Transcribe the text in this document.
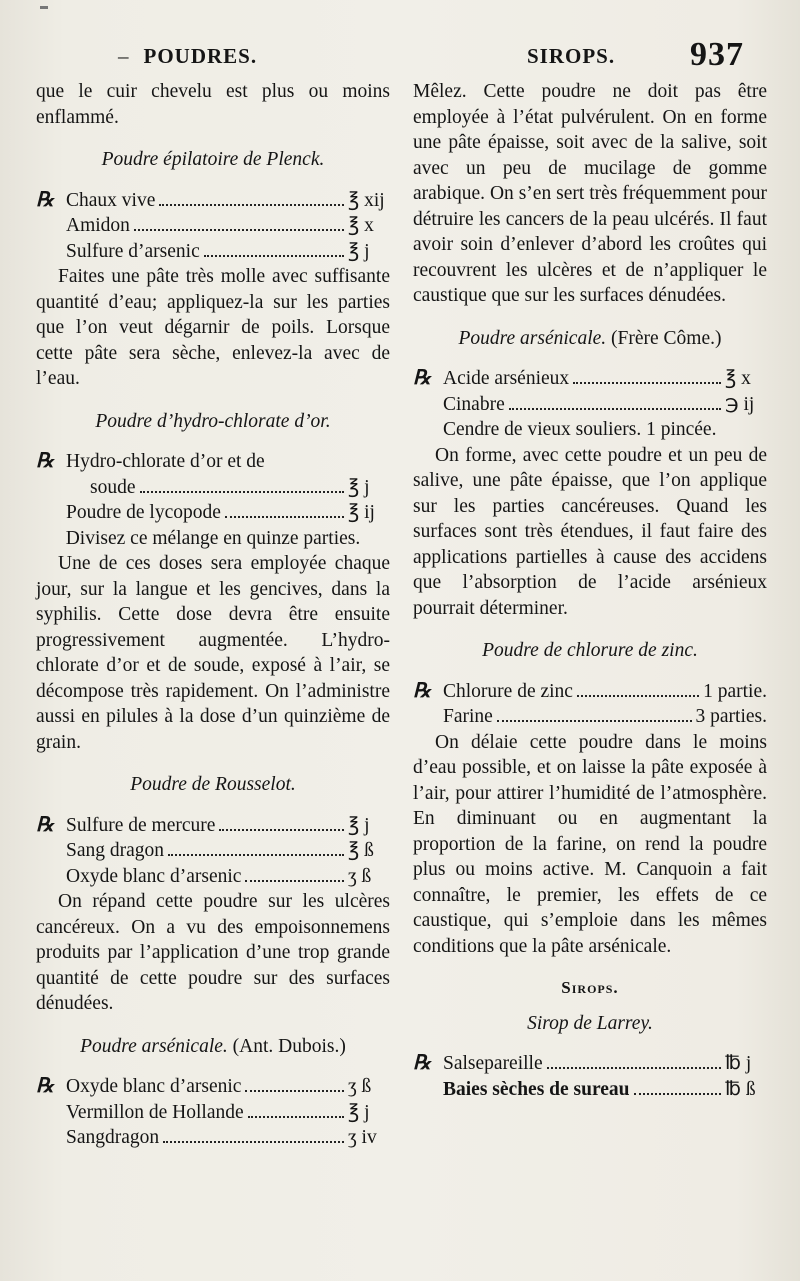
– POUDRES.	SIROPS. 937

que le cuir chevelu est plus ou moins enflammé.

Poudre épilatoire de Plenck.

℞ Chaux vive	℥ xij
Amidon	℥ x
Sulfure d’arsenic	℥ j

Faites une pâte très molle avec suffisante quantité d’eau; appliquez-la sur les parties que l’on veut dégarnir de poils. Lorsque cette pâte sera sèche, enlevez-la avec de l’eau.

Poudre d’hydro-chlorate d’or.

℞ Hydro-chlorate d’or et de
soude	℥ j
Poudre de lycopode	℥ ij

Divisez ce mélange en quinze parties.

Une de ces doses sera employée chaque jour, sur la langue et les gencives, dans la syphilis. Cette dose devra être ensuite progressivement augmentée. L’hydro-chlorate d’or et de soude, exposé à l’air, se décompose très rapidement. On l’administre aussi en pilules à la dose d’un quinzième de grain.

Poudre de Rousselot.

℞ Sulfure de mercure	℥ j
Sang dragon	℥ ß
Oxyde blanc d’arsenic	ʒ ß

On répand cette poudre sur les ulcères cancéreux. On a vu des empoisonnemens produits par l’application d’une trop grande quantité de cette poudre sur des surfaces dénudées.

Poudre arsénicale. (Ant. Dubois.)

℞ Oxyde blanc d’arsenic	ʒ ß
Vermillon de Hollande	℥ j
Sangdragon	ʒ iv

Mêlez. Cette poudre ne doit pas être employée à l’état pulvérulent. On en forme une pâte épaisse, soit avec de la salive, soit avec un peu de mucilage de gomme arabique. On s’en sert très fréquemment pour détruire les cancers de la peau ulcérés. Il faut avoir soin d’enlever d’abord les croûtes qui recouvrent les ulcères et de n’appliquer le caustique que sur les surfaces dénudées.

Poudre arsénicale. (Frère Côme.)

℞ Acide arsénieux	℥ x
Cinabre	℈ ij
Cendre de vieux souliers. 1 pincée.

On forme, avec cette poudre et un peu de salive, une pâte épaisse, que l’on applique sur les parties cancéreuses. Quand les surfaces sont très étendues, il faut faire des applications partielles à cause des accidens que l’absorption de l’acide arsénieux pourrait déterminer.

Poudre de chlorure de zinc.

℞ Chlorure de zinc	1 partie.
Farine	3 parties.

On délaie cette poudre dans le moins d’eau possible, et on laisse la pâte exposée à l’air, pour attirer l’humidité de l’atmosphère. En diminuant ou en augmentant la proportion de la farine, on rend la poudre plus ou moins active. M. Canquoin a fait connaître, le premier, les effets de ce caustique, qui s’emploie dans les mêmes conditions que la pâte arsénicale.

Sirops.

Sirop de Larrey.

℞ Salsepareille	℔ j
Baies sèches de sureau	℔ ß
